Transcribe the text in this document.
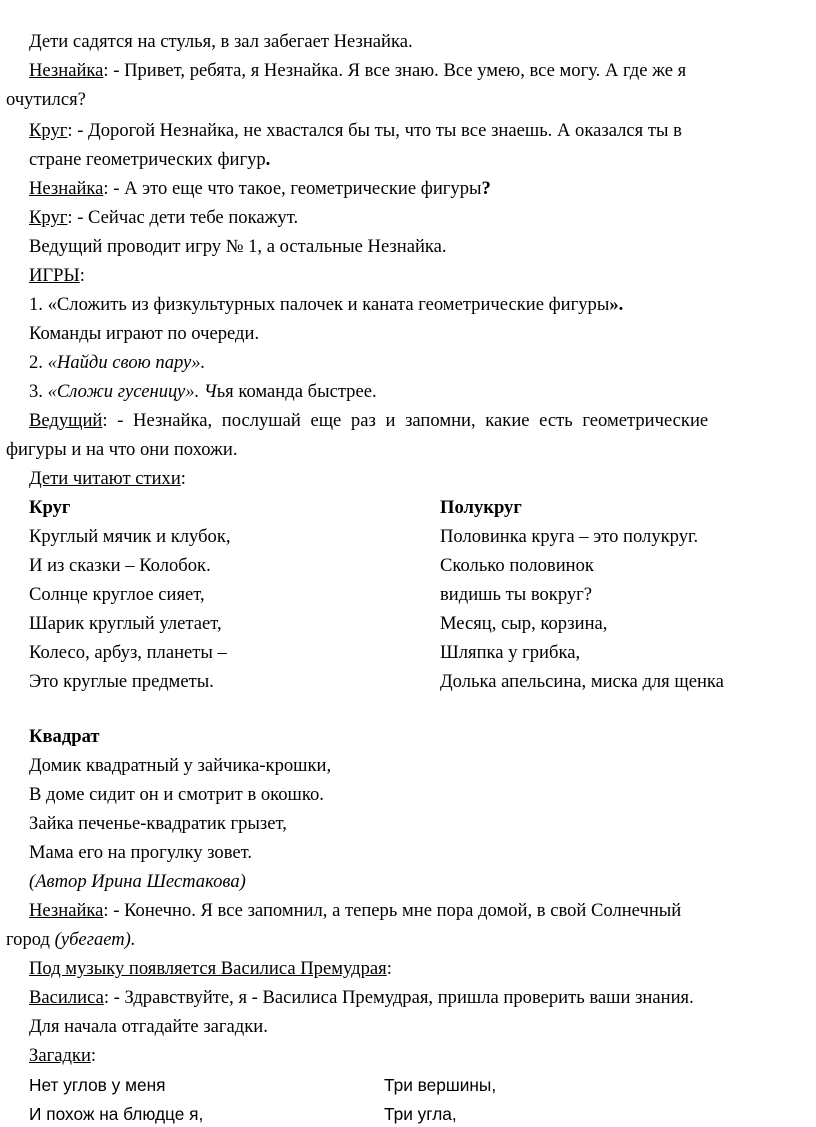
Дети садятся на стулья, в зал забегает Незнайка.
Незнайка: - Привет, ребята, я Незнайка. Я все знаю. Все умею, все могу. А где же я
очутился?
Круг: - Дорогой Незнайка, не хвастался бы ты, что ты все знаешь. А оказался ты в
стране геометрических фигур.
Незнайка: - А это еще что такое, геометрические фигуры?
Круг: - Сейчас дети тебе покажут.
Ведущий проводит игру № 1, а остальные Незнайка.
ИГРЫ:
1. «Сложить из физкультурных палочек и каната геометрические фигуры».
Команды играют по очереди.
2. «Найди свою пару».
3. «Сложи гусеницу». Чья команда быстрее.
Ведущий: - Незнайка, послушай еще раз и запомни, какие есть геометрические
фигуры и на что они похожи.
Дети читают стихи:
Круг
Круглый мячик и клубок,
И из сказки – Колобок.
Солнце круглое сияет,
Шарик круглый улетает,
Колесо, арбуз, планеты –
Это круглые предметы.
Полукруг
Половинка круга – это полукруг.
Сколько половинок
видишь ты вокруг?
Месяц, сыр, корзина,
Шляпка у грибка,
Долька апельсина, миска для щенка
Квадрат
Домик квадратный у зайчика-крошки,
В доме сидит он и смотрит в окошко.
Зайка печенье-квадратик грызет,
Мама его на прогулку зовет.
(Автор Ирина Шестакова)
Незнайка: - Конечно. Я все запомнил, а теперь мне пора домой, в свой Солнечный
город (убегает).
Под музыку появляется Василиса Премудрая:
Василиса: - Здравствуйте, я - Василиса Премудрая, пришла проверить ваши знания.
Для начала отгадайте загадки.
Загадки:
Нет углов у меня
И похож на блюдце я,
Три вершины,
Три угла,
